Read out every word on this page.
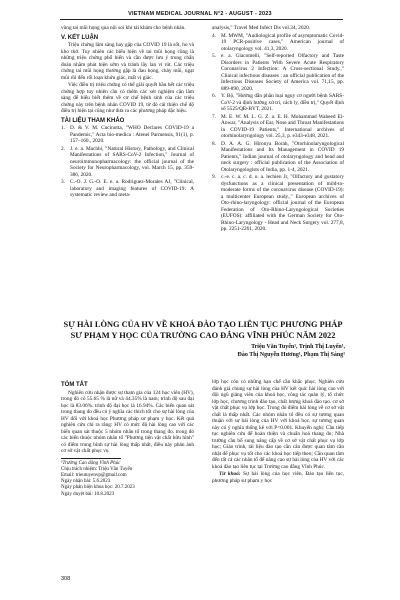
VIETNAM MEDICAL JOURNAL N°2 - AUGUST - 2023

vùng tai mũi họng qua nội soi khi tái khám cho bệnh nhân.

V. KẾT LUẬN

Triệu chứng lâm sàng hay gặp của COVID 19 là sốt, ho và kho thở. Tuy nhiên các biểu hiện về tai mũi họng cũng là những triệu chứng phổ biến và cần được lưu ý trong chẩn đoán nhằm phát hiện sớm và tránh lây lan vi rút. Các triệu chứng tai mũi họng thường gặp là đau họng, chảy mũi, ngạt mũi rồi đến rối loạn khứu giác, mất vị giác.

Việc điều trị triệu chứng có thể giải quyết hầu hết các triệu chứng hợp tuy nhiên cần có thêm các xét nghiệm cận lâm sàng để hiểu biết thêm về cơ chế bệnh sinh của các triệu chứng này trên bệnh nhân COVID 19, từ đó cải thiện chế độ điều trị hiện tại cũng như đưa ra các phương pháp đặc hiệu.

TÀI LIỆU THAM KHẢO
1. D. & V. M. Cucinotta, "WHO Declares COVID-19 a Pandemic," Acta bio-medica : Atenei Parmensis, 91(1), p. 157–160., 2020.
2. J. e. a. Machhi, "Natural History, Pathology, and Clinical Manifestations of SARS-CoV-2 Infection," Journal of neuroimmunopharmacology: the official journal of the Society for Neuropharmacology, vol. March 15, pp. 359-386, 2020.
3. C.-O. J. G.-O. E. e. a. Rodriguez-Morales AJ, "Clinical, laboratory and imaging features of COVID-19: A systematic review and meta-

analysis," Travel Med Infect Dis vol.34, 2020.

4. M. MWM, "Audiological profile of asymptomatic Covid-19 PCR-positive cases," American journal of otolaryngology vol. 41,3, 2020.
5. e. a. Giacomelli, "Self-reported Olfactory and Taste Disorders in Patients With Severe Acute Respiratory Coronavirus 2 Infection: A Cross-sectional Study.," Clinical infectious diseases : an official publication of the Infectious Diseases Society of America vol. 71,15, pp. 889-890, 2020.
6. Y. Bộ, "Hướng dẫn phân loại nguy cơ người bệnh SARS-CoV-2 và định hướng xử trí, cách ly, điều trị," Quyết định số 5525/QĐ-BYT, 2021.
7. M. E. W. M. L. G. Z. a. E. H. Mohammad Waheed El-Anwar, "Analysis of Ear, Nose and Throat Manifestations in COVID-19 Patients," International archives of otorhinolaryngology vol. 25,3, p. e343-e348, 2021.
8. D. A. A. G. Hironya Borah, "Otorhinolaryngological Manifestations and Its Management in COVID 19 Patients," Indian journal of otolaryngology and head and neck surgery : official publication of the Association of Otolaryngologists of India, pp. 1-4, 2021.
9. c.-e. c. a. c. d. o. a. lechien Jr, "Olfactory and gustatory dysfunctions as a clinical presentation of mild-to-moderate forms of the coronavirus disease (COVID-19): a multicenter European study.," European archives of Oto-rhino-laryngology: official journal of the European Federation of Oto-Rhino-Laryngological Societies (EUFOS): affiliated with the German Society for Oto-Rhino-Laryngology - Head and Neck Surgery vol. 277,8, pp. 2251-2261, 2020.
SỰ HÀI LÒNG CỦA HV VỀ KHOÁ ĐÀO TẠO LIÊN TỤC PHƯƠNG PHÁP
SƯ PHẠM Y HỌC CỦA TRƯỜNG CAO ĐẲNG VĨNH PHÚC NĂM 2022
Triệu Văn Tuyến¹, Trịnh Thị Luyến¹,
Đào Thị Nguyễn Hương¹, Phạm Thị Sáng¹
TÓM TẮT

Nghiên cứu nhận được sự tham gia của 124 học viên (HV), trong đó có 55.65 % là nữ và 44.35% là nam; trình độ sau đại học là 83.06%. trình độ đại học là 16.94%. Các biến quan sát trong thang đo đều có ý nghĩa các thích tốt cho sự hài lòng của HV đối với khoá học Phương pháp sư phạm y học. Kết quả nghiên cứu chỉ ra rằng: HV có mức độ hài lòng cao với các biến quan sát thuộc 5 nhóm nhân tố trong thang đo. trong đó các biến thuộc nhóm nhân tố "Phương tiện vật chất hữu hình" có điểm trung bình sự hài lòng thấp nhất, điều này phản ánh cơ sở vật chất phục vụ

¹Trường Cao đẳng Vĩnh Phúc
Chịu trách nhiệm: Triệu Văn Tuyến
Email: trieutuyenvp@gmail.com
Ngày nhận bài: 5.6.2023
Ngày phản biện khoa học: 20.7.2023
Ngày duyệt bài: 10.8.2023

lớp học còn có những hạn chế cần khắc phục. Nghiên cứu đánh giá chung sự hài lòng của HV kết quả: hài lòng cao với đội ngũ giảng viên của khoá học, công tác quản lý, tổ chức lớp học, chương trình đào tạo, chất lượng khoá đào tạo. cơ sở vật chất phục vụ lớp học. Trong đó điểm hài lòng về cơ sở vật chất là thấp nhất. Các nhóm nhân tố đều có sự tương quan thuận với sự hài lòng của HV với khoá học. sự tương quan này có ý nghĩa thống kê với P<0.001. Khuyến nghị: Cần tiếp tục nghiên cứu để hoàn thiện và chuẩn hoá thang đo; Nhà trường cần bổ sung nâng cấp về cơ sở vật chất phục vụ lớp học; Giáo trình, tài liệu đào tạo cần cân được quan tâm cần nhật để phục vụ tốt cho các khoá học tiếp theo; Cần quan tâm đến tất cả các nhân tố để nâng cao sự hài lòng của HV với các khoá đào tạo liên tục tại Trường cao đẳng Vĩnh Phúc.

Từ khoá: Sự hài lòng của học viên, Đào tạo liên tục, phương pháp sư phạm y học

308
